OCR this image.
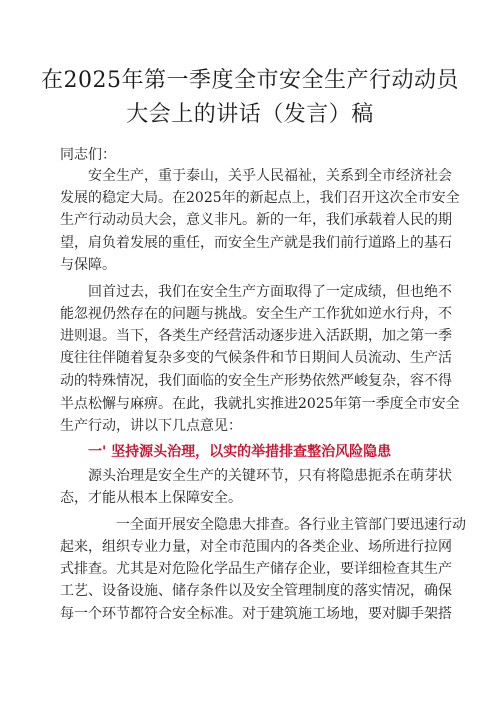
在2025年第一季度全市安全生产行动动员
大会上的讲话（发言）稿
同志们：
安全生产，重于泰山，关乎人民福祉，关系到全市经济社会
发展的稳定大局。在2025年的新起点上，我们召开这次全市安全
生产行动动员大会，意义非凡。新的一年，我们承载着人民的期
望，肩负着发展的重任，而安全生产就是我们前行道路上的基石
与保障。
回首过去，我们在安全生产方面取得了一定成绩，但也绝不
能忽视仍然存在的问题与挑战。安全生产工作犹如逆水行舟，不
进则退。当下，各类生产经营活动逐步进入活跃期，加之第一季
度往往伴随着复杂多变的气候条件和节日期间人员流动、生产活
动的特殊情况，我们面临的安全生产形势依然严峻复杂，容不得
半点松懈与麻痹。在此，我就扎实推进2025年第一季度全市安全
生产行动，讲以下几点意见：
一' 坚持源头治理，以实的举措排查整治风险隐患
源头治理是安全生产的关键环节，只有将隐患扼杀在萌芽状
态，才能从根本上保障安全。
一全面开展安全隐患大排查。各行业主管部门要迅速行动
起来，组织专业力量，对全市范围内的各类企业、场所进行拉网
式排查。尤其是对危险化学品生产储存企业，要详细检查其生产
工艺、设备设施、储存条件以及安全管理制度的落实情况，确保
每一个环节都符合安全标准。对于建筑施工场地，要对脚手架搭
